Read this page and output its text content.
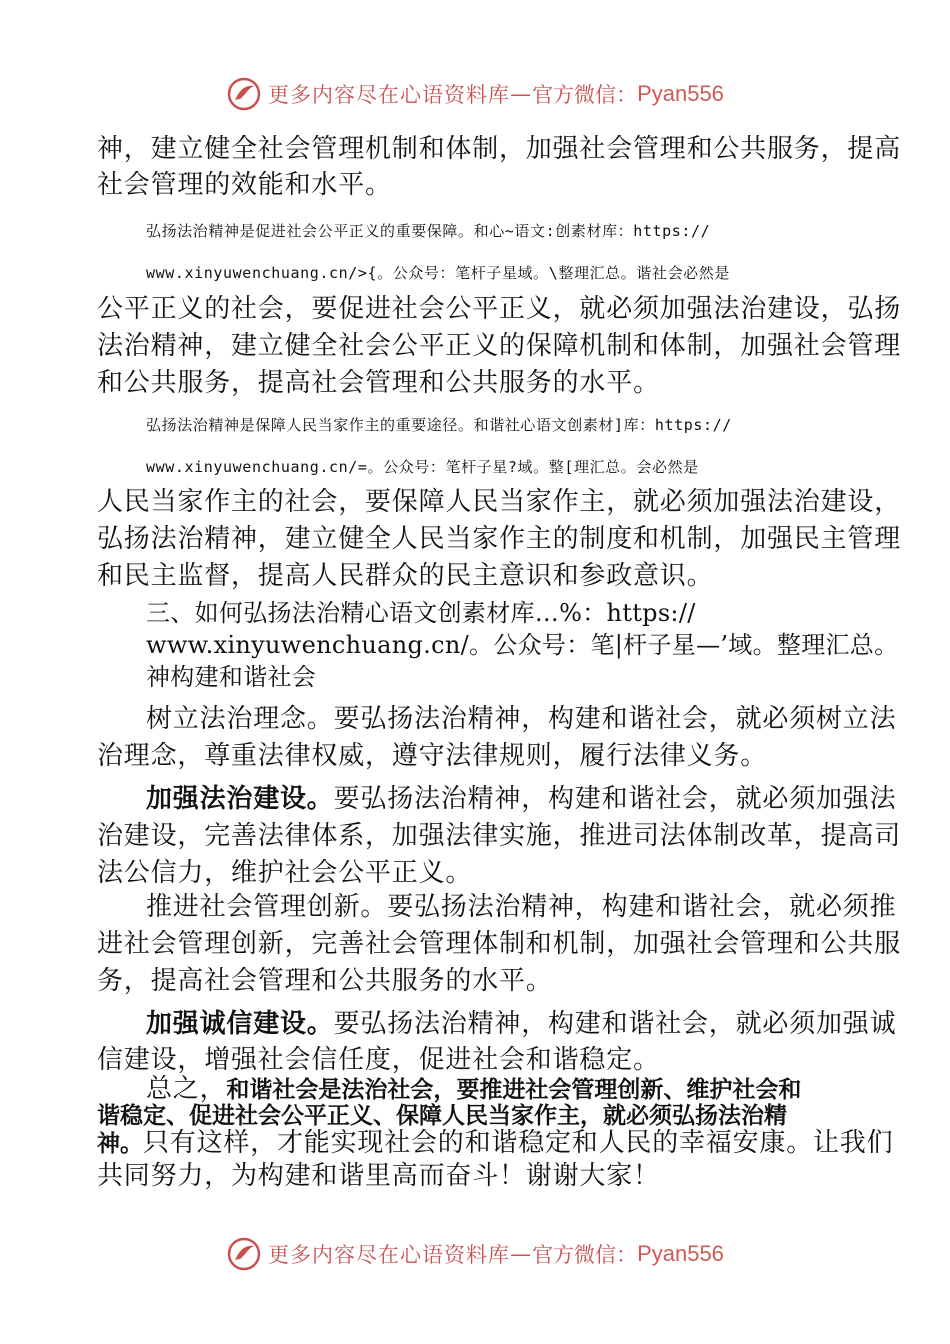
更多内容尽在心语资料库 — 官方微信： Pyan556
神，建立健全社会管理机制和体制，加强社会管理和公共服务，提高
社会管理的效能和水平。
弘扬法治精神是促进社会公平正义的重要保障。和心~语文:创素材库：https://
www.xinyuwenchuang.cn/>{。公众号：笔杆子星域。\整理汇总。谐社会必然是
公平正义的社会，要促进社会公平正义，就必须加强法治建设，弘扬
法治精神，建立健全社会公平正义的保障机制和体制，加强社会管理
和公共服务，提高社会管理和公共服务的水平。
弘扬法治精神是保障人民当家作主的重要途径。和谐社心语文创素材]库：https://
www.xinyuwenchuang.cn/=。公众号：笔杆子星?域。整[理汇总。会必然是
人民当家作主的社会，要保障人民当家作主，就必须加强法治建设，
弘扬法治精神，建立健全人民当家作主的制度和机制，加强民主管理
和民主监督，提高人民群众的民主意识和参政意识。
三、如何弘扬法治精心语文创素材库…%：https://
www.xinyuwenchuang.cn/。公众号：笔|杆子星—’域。整理汇总。
神构建和谐社会
树立法治理念。要弘扬法治精神，构建和谐社会，就必须树立法
治理念，尊重法律权威，遵守法律规则，履行法律义务。
加强法治建设。要弘扬法治精神，构建和谐社会，就必须加强法
治建设，完善法律体系，加强法律实施，推进司法体制改革，提高司
法公信力，维护社会公平正义。
推进社会管理创新。要弘扬法治精神，构建和谐社会，就必须推
进社会管理创新，完善社会管理体制和机制，加强社会管理和公共服
务，提高社会管理和公共服务的水平。
加强诚信建设。要弘扬法治精神，构建和谐社会，就必须加强诚
信建设，增强社会信任度，促进社会和谐稳定。
总之，和谐社会是法治社会，要推进社会管理创新、维护社会和
谐稳定、促进社会公平正义、保障人民当家作主，就必须弘扬法治精
神。只有这样，才能实现社会的和谐稳定和人民的幸福安康。让我们
共同努力，为构建和谐里高而奋斗！谢谢大家！
更多内容尽在心语资料库 — 官方微信： Pyan556
